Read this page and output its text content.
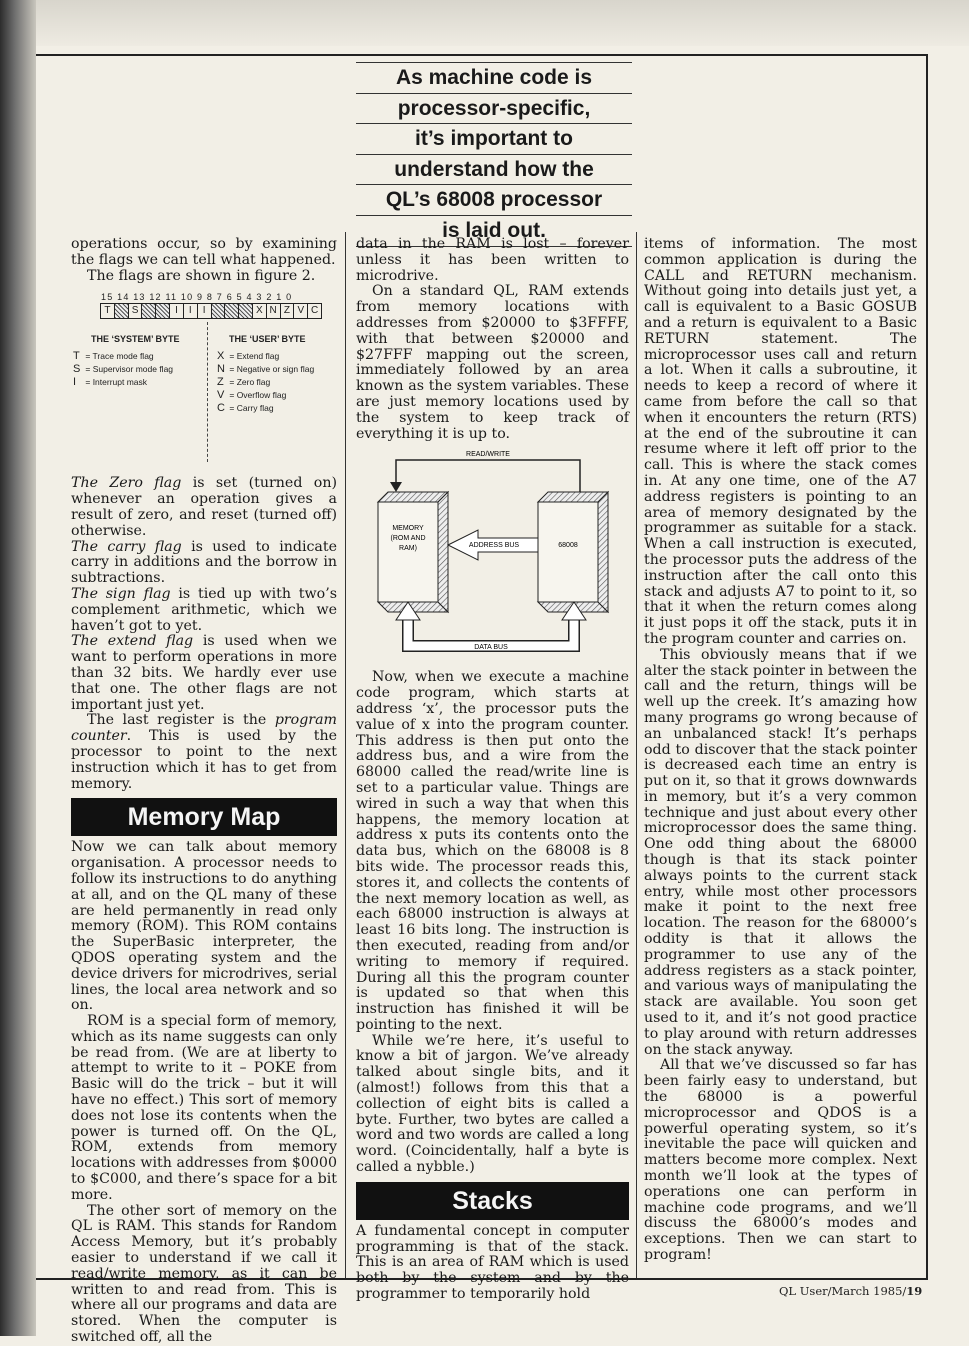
As machine code is
processor-specific,
it’s important to
understand how the
QL’s 68008 processor
is laid out.

operations occur, so by examining the flags we can tell what happened.

The flags are shown in figure 2.

15 14 13 12 11 10 9 8 7 6 5 4 3 2 1 0
T	S	I	I	I	X N Z V C
THE ‘SYSTEM’ BYTE	THE ‘USER’ BYTE
T = Trace mode flag
S = Supervisor mode flag
I = Interrupt mask
X = Extend flag
N = Negative or sign flag
Z = Zero flag
V = Overflow flag
C = Carry flag

The Zero flag is set (turned on) whenever an operation gives a result of zero, and reset (turned off) otherwise.

The carry flag is used to indicate carry in additions and the borrow in subtractions.

The sign flag is tied up with two’s complement arithmetic, which we haven’t got to yet.

The extend flag is used when we want to perform operations in more than 32 bits. We hardly ever use that one. The other flags are not important just yet.

The last register is the program counter. This is used by the processor to point to the next instruction which it has to get from memory.

Memory Map

Now we can talk about memory organisation. A processor needs to follow its instructions to do anything at all, and on the QL many of these are held permanently in read only memory (ROM). This ROM contains the SuperBasic interpreter, the QDOS operating system and the device drivers for microdrives, serial lines, the local area network and so on.

ROM is a special form of memory, which as its name suggests can only be read from. (We are at liberty to attempt to write to it – POKE from Basic will do the trick – but it will have no effect.) This sort of memory does not lose its contents when the power is turned off. On the QL, ROM, extends from memory locations with addresses from $0000 to $C000, and there’s space for a bit more.

The other sort of memory on the QL is RAM. This stands for Random Access Memory, but it’s probably easier to understand if we call it read/write memory, as it can be written to and read from. This is where all our programs and data are stored. When the computer is switched off, all the

data in the RAM is lost – forever unless it has been written to microdrive.

On a standard QL, RAM extends from memory locations with addresses from $20000 to $3FFFF, with that between $20000 and $27FFF mapping out the screen, immediately followed by an area known as the system variables. These are just memory locations used by the system to keep track of everything it is up to.

READ/WRITE
MEMORY
(ROM AND
RAM)	ADDRESS BUS	68008
DATA BUS

Now, when we execute a machine code program, which starts at address ‘x’, the processor puts the value of x into the program counter. This address is then put onto the address bus, and a wire from the 68000 called the read/write line is set to a particular value. Things are wired in such a way that when this happens, the memory location at address x puts its contents onto the data bus, which on the 68008 is 8 bits wide. The processor reads this, stores it, and collects the contents of the next memory location as well, as each 68000 instruction is always at least 16 bits long. The instruction is then executed, reading from and/or writing to memory if required. During all this the program counter is updated so that when this instruction has finished it will be pointing to the next.

While we’re here, it’s useful to know a bit of jargon. We’ve already talked about single bits, and it (almost!) follows from this that a collection of eight bits is called a byte. Further, two bytes are called a word and two words are called a long word. (Coincidentally, half a byte is called a nybble.)

Stacks

A fundamental concept in computer programming is that of the stack. This is an area of RAM which is used both by the system and by the programmer to temporarily hold

items of information. The most common application is during the CALL and RETURN mechanism. Without going into details just yet, a call is equivalent to a Basic GOSUB and a return is equivalent to a Basic RETURN statement. The microprocessor uses call and return a lot. When it calls a subroutine, it needs to keep a record of where it came from before the call so that when it encounters the return (RTS) at the end of the subroutine it can resume where it left off prior to the call. This is where the stack comes in. At any one time, one of the A7 address registers is pointing to an area of memory designated by the programmer as suitable for a stack. When a call instruction is executed, the processor puts the address of the instruction after the call onto this stack and adjusts A7 to point to it, so that it when the return comes along it just pops it off the stack, puts it in the program counter and carries on.

This obviously means that if we alter the stack pointer in between the call and the return, things will be well up the creek. It’s amazing how many programs go wrong because of an unbalanced stack! It’s perhaps odd to discover that the stack pointer is decreased each time an entry is put on it, so that it grows downwards in memory, but it’s a very common technique and just about every other microprocessor does the same thing. One odd thing about the 68000 though is that its stack pointer always points to the current stack entry, while most other processors make it point to the next free location. The reason for the 68000’s oddity is that it allows the programmer to use any of the address registers as a stack pointer, and various ways of manipulating the stack are available. You soon get used to it, and it’s not good practice to play around with return addresses on the stack anyway.

All that we’ve discussed so far has been fairly easy to understand, but the 68000 is a powerful microprocessor and QDOS is a powerful operating system, so it’s inevitable the pace will quicken and matters become more complex. Next month we’ll look at the types of operations one can perform in machine code programs, and we’ll discuss the 68000’s modes and exceptions. Then we can start to program!

QL User/March 1985/19
